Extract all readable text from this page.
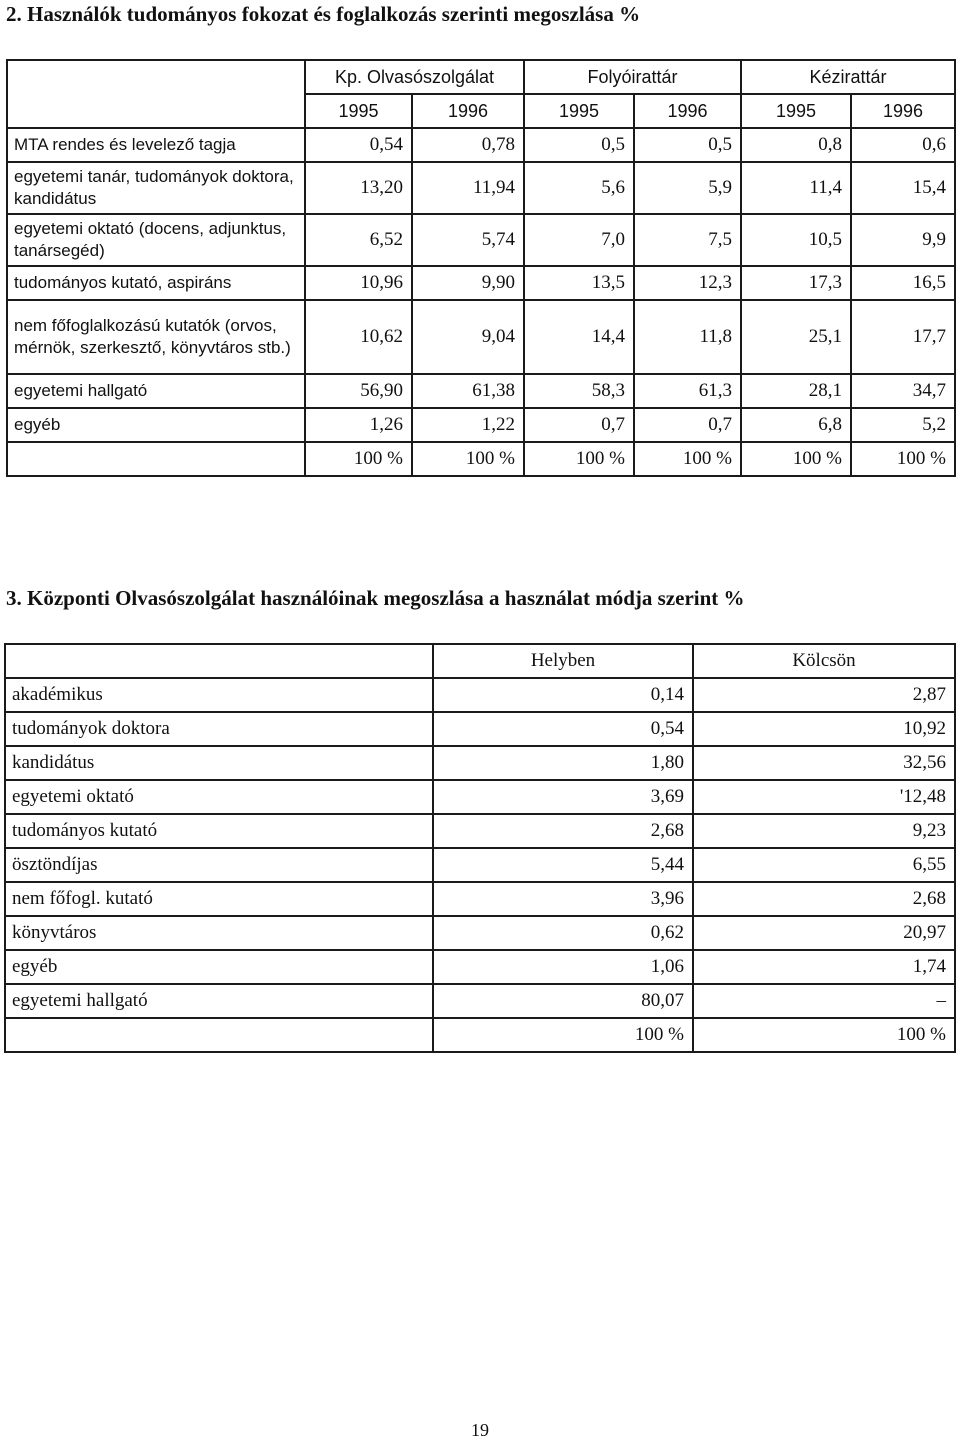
2. Használók tudományos fokozat és foglalkozás szerinti megoszlása %
	Kp. Olvasószolgálat		Folyóirattár		Kézirattár	
	1995	1996	1995	1996	1995	1996
MTA rendes és levelező tagja	0,54	0,78	0,5	0,5	0,8	0,6
egyetemi tanár, tudományok doktora, kandidátus	13,20	11,94	5,6	5,9	11,4	15,4
egyetemi oktató (docens, adjunktus, tanársegéd)	6,52	5,74	7,0	7,5	10,5	9,9
tudományos kutató, aspiráns	10,96	9,90	13,5	12,3	17,3	16,5
nem főfoglalkozású kutatók (orvos, mérnök, szerkesztő, könyvtáros stb.)	10,62	9,04	14,4	11,8	25,1	17,7
egyetemi hallgató	56,90	61,38	58,3	61,3	28,1	34,7
egyéb	1,26	1,22	0,7	0,7	6,8	5,2
	100 %	100 %	100 %	100 %	100 %	100 %
3. Központi Olvasószolgálat használóinak megoszlása a használat módja szerint %
	Helyben	Kölcsön
akadémikus	0,14	2,87
tudományok doktora	0,54	10,92
kandidátus	1,80	32,56
egyetemi oktató	3,69	'12,48
tudományos kutató	2,68	9,23
ösztöndíjas	5,44	6,55
nem főfogl. kutató	3,96	2,68
könyvtáros	0,62	20,97
egyéb	1,06	1,74
egyetemi hallgató	80,07	–
	100 %	100 %
19
